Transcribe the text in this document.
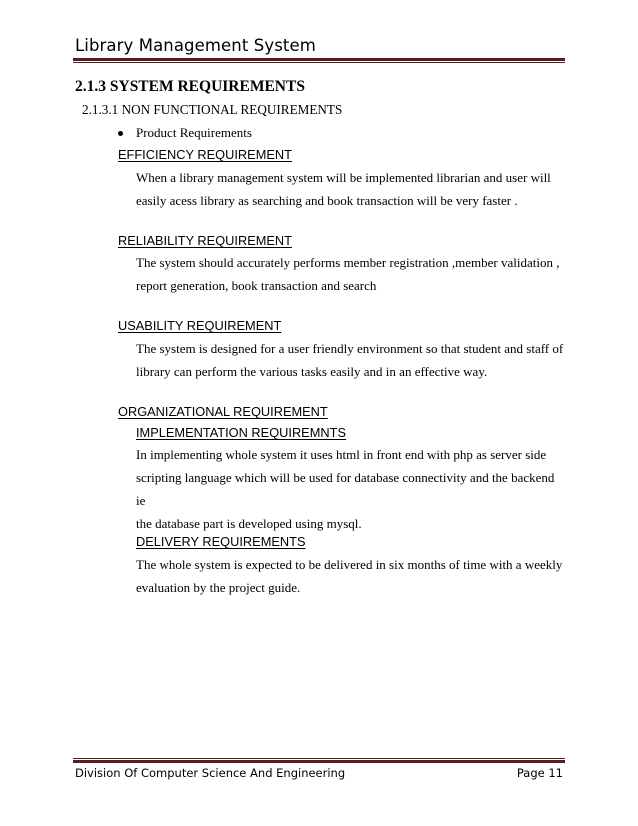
Library Management System
2.1.3 SYSTEM REQUIREMENTS
2.1.3.1 NON FUNCTIONAL REQUIREMENTS
Product Requirements
EFFICIENCY REQUIREMENT
When a library management system will be implemented librarian and user will
easily acess library as searching and book transaction will be very faster .
RELIABILITY REQUIREMENT
The system should accurately performs member registration ,member validation ,
report generation, book transaction and search
USABILITY REQUIREMENT
The system is designed for a user friendly environment so that student and staff of
library can perform the various tasks easily and in an effective way.
ORGANIZATIONAL REQUIREMENT
IMPLEMENTATION REQUIREMNTS
In implementing whole system it uses html in front end with php as server side
scripting language which will be used for database connectivity and the backend ie
the database part is developed using mysql.
DELIVERY REQUIREMENTS
The whole system is expected to be delivered in six months of time with a weekly
evaluation by the project guide.
Division Of Computer Science And Engineering	Page 11
